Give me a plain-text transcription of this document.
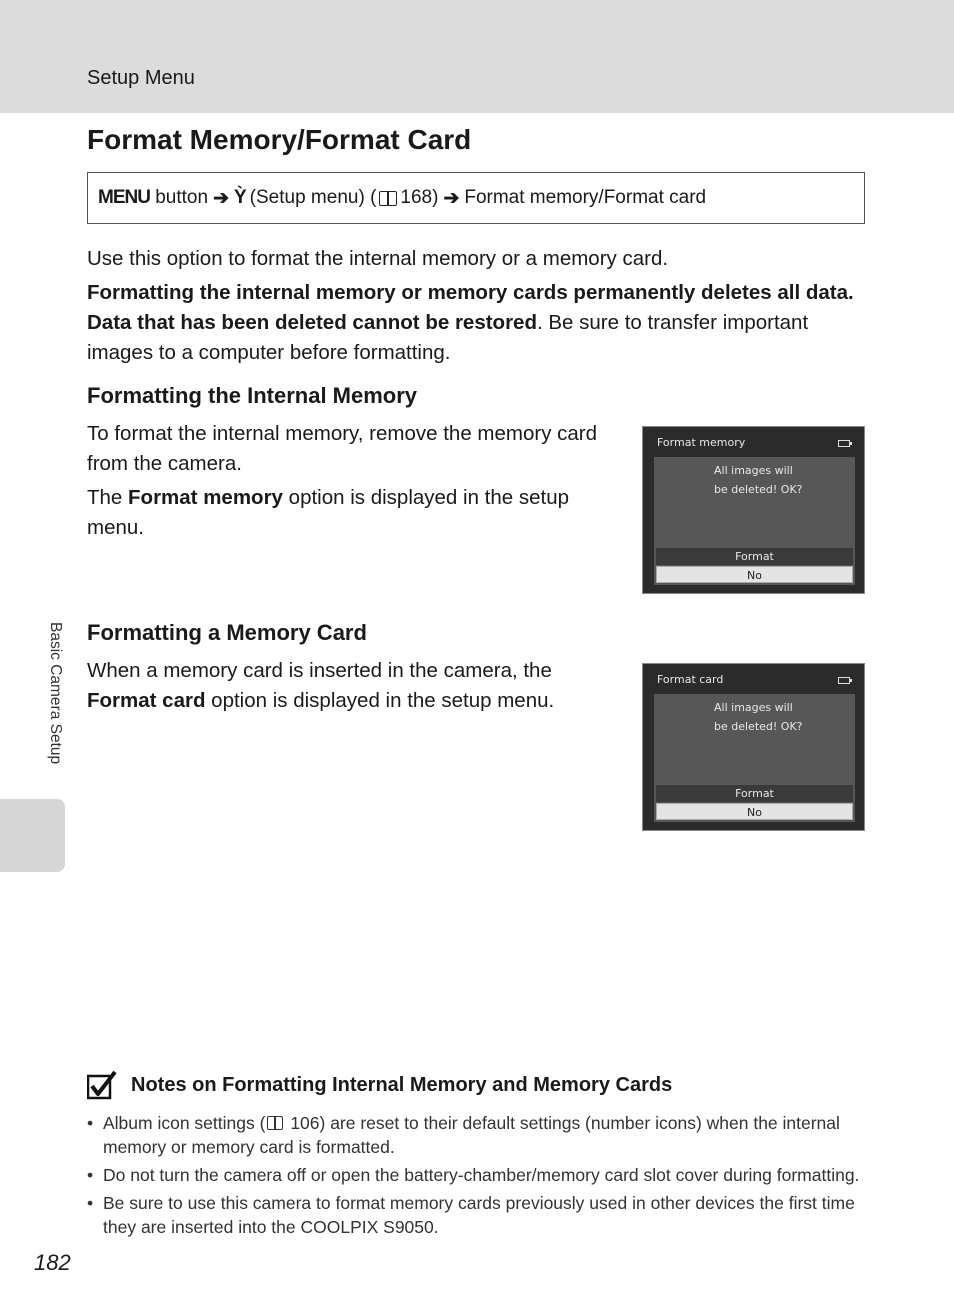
Setup Menu
Format Memory/Format Card
MENU button ➔ Ỳ (Setup menu) ( 168) ➔ Format memory/Format card
Use this option to format the internal memory or a memory card.
Formatting the internal memory or memory cards permanently deletes all data. Data that has been deleted cannot be restored. Be sure to transfer important images to a computer before formatting.
Formatting the Internal Memory
To format the internal memory, remove the memory card from the camera.
The Format memory option is displayed in the setup menu.
Format memory
All images will
be deleted! OK?
Format
No
Formatting a Memory Card
When a memory card is inserted in the camera, the Format card option is displayed in the setup menu.
Format card
All images will
be deleted! OK?
Format
No
Basic Camera Setup
Notes on Formatting Internal Memory and Memory Cards
• Album icon settings ( 106) are reset to their default settings (number icons) when the internal memory or memory card is formatted.
• Do not turn the camera off or open the battery-chamber/memory card slot cover during formatting.
• Be sure to use this camera to format memory cards previously used in other devices the first time they are inserted into the COOLPIX S9050.
182
